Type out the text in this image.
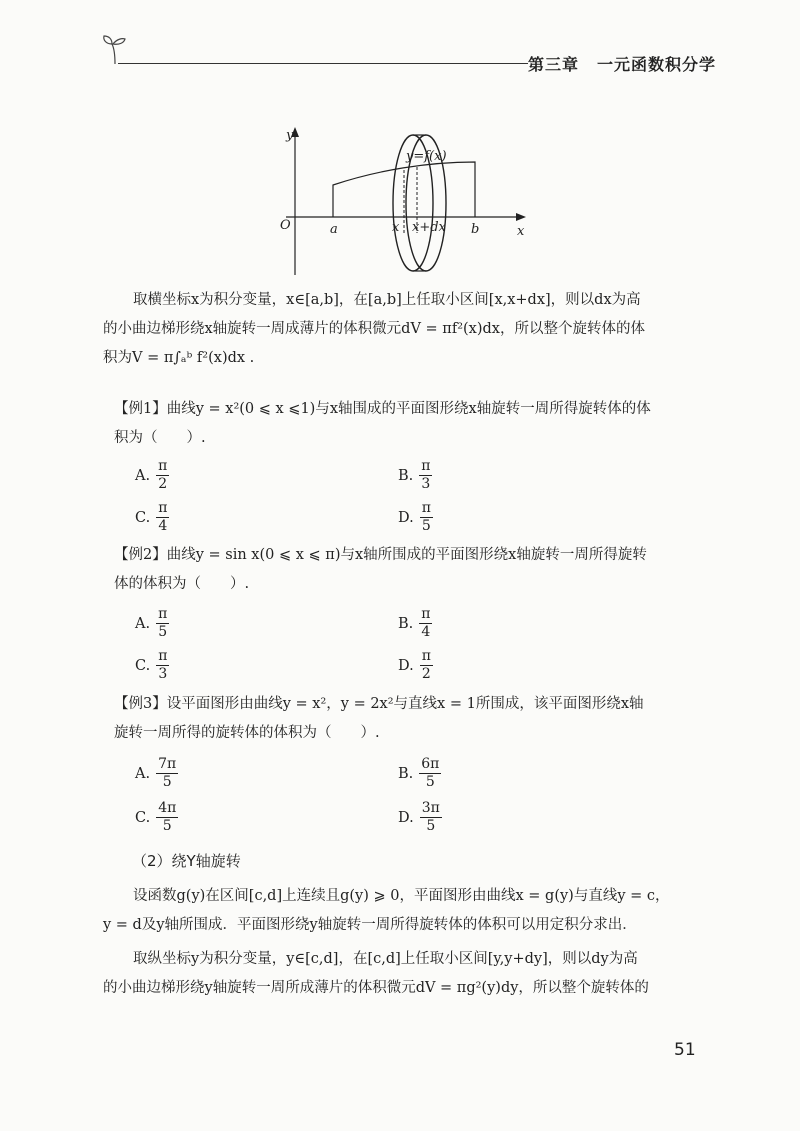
第三章 一元函数积分学
y
x
O
y=f(x)
a	b
x x+dx
取横坐标x为积分变量，x∈[a,b]，在[a,b]上任取小区间[x,x+dx]，则以dx为高
的小曲边梯形绕x轴旋转一周成薄片的体积微元dV = πf²(x)dx，所以整个旋转体的体
积为V = π∫ₐᵇ f²(x)dx .
【例1】曲线y = x²(0 ⩽ x ⩽1)与x轴围成的平面图形绕x轴旋转一周所得旋转体的体
积为（　　）.
A. $\frac{\pi}{2}$	B. $\frac{\pi}{3}$
C. $\frac{\pi}{4}$	D. $\frac{\pi}{5}$
【例2】曲线y = sin x(0 ⩽ x ⩽ π)与x轴所围成的平面图形绕x轴旋转一周所得旋转
体的体积为（　　）.
A. $\frac{\pi}{5}$	B. $\frac{\pi}{4}$
C. $\frac{\pi}{3}$	D. $\frac{\pi}{2}$
【例3】设平面图形由曲线y = x²，y = 2x²与直线x = 1所围成，该平面图形绕x轴
旋转一周所得的旋转体的体积为（　　）.
A. $\frac{7\pi}{5}$	B. $\frac{6\pi}{5}$
C. $\frac{4\pi}{5}$	D. $\frac{3\pi}{5}$
（2）绕Y轴旋转
设函数g(y)在区间[c,d]上连续且g(y) ⩾ 0，平面图形由曲线x = g(y)与直线y = c，
y = d及y轴所围成．平面图形绕y轴旋转一周所得旋转体的体积可以用定积分求出．
取纵坐标y为积分变量，y∈[c,d]，在[c,d]上任取小区间[y,y+dy]，则以dy为高
的小曲边梯形绕y轴旋转一周所成薄片的体积微元dV = πg²(y)dy，所以整个旋转体的
51
